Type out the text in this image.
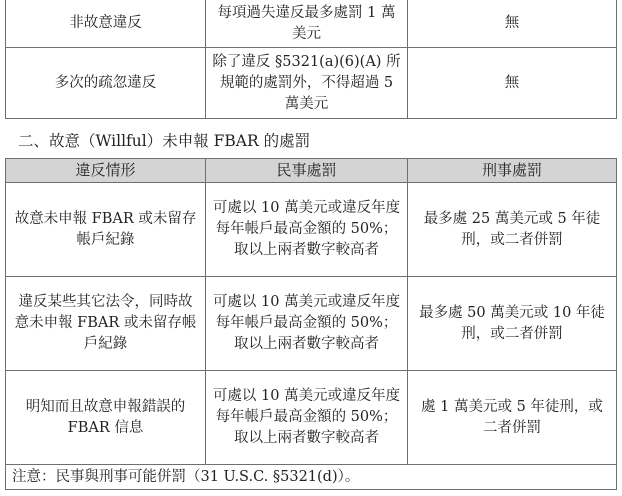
非故意違反	每項過失違反最多處罰 1 萬美元	無
多次的疏忽違反	除了違反 §5321(a)(6)(A) 所規範的處罰外，不得超過 5 萬美元	無
二、故意（Willful）未申報 FBAR 的處罰
違反情形	民事處罰	刑事處罰
故意未申報 FBAR 或未留存帳戶紀錄	可處以 10 萬美元或違反年度每年帳戶最高金額的 50%；取以上兩者數字較高者	最多處 25 萬美元或 5 年徒刑，或二者併罰
違反某些其它法令，同時故意未申報 FBAR 或未留存帳戶紀錄	可處以 10 萬美元或違反年度每年帳戶最高金額的 50%；取以上兩者數字較高者	最多處 50 萬美元或 10 年徒刑，或二者併罰
明知而且故意申報錯誤的 FBAR 信息	可處以 10 萬美元或違反年度每年帳戶最高金額的 50%；取以上兩者數字較高者	處 1 萬美元或 5 年徒刑，或二者併罰
注意：民事與刑事可能併罰（31 U.S.C. §5321(d)）。		
